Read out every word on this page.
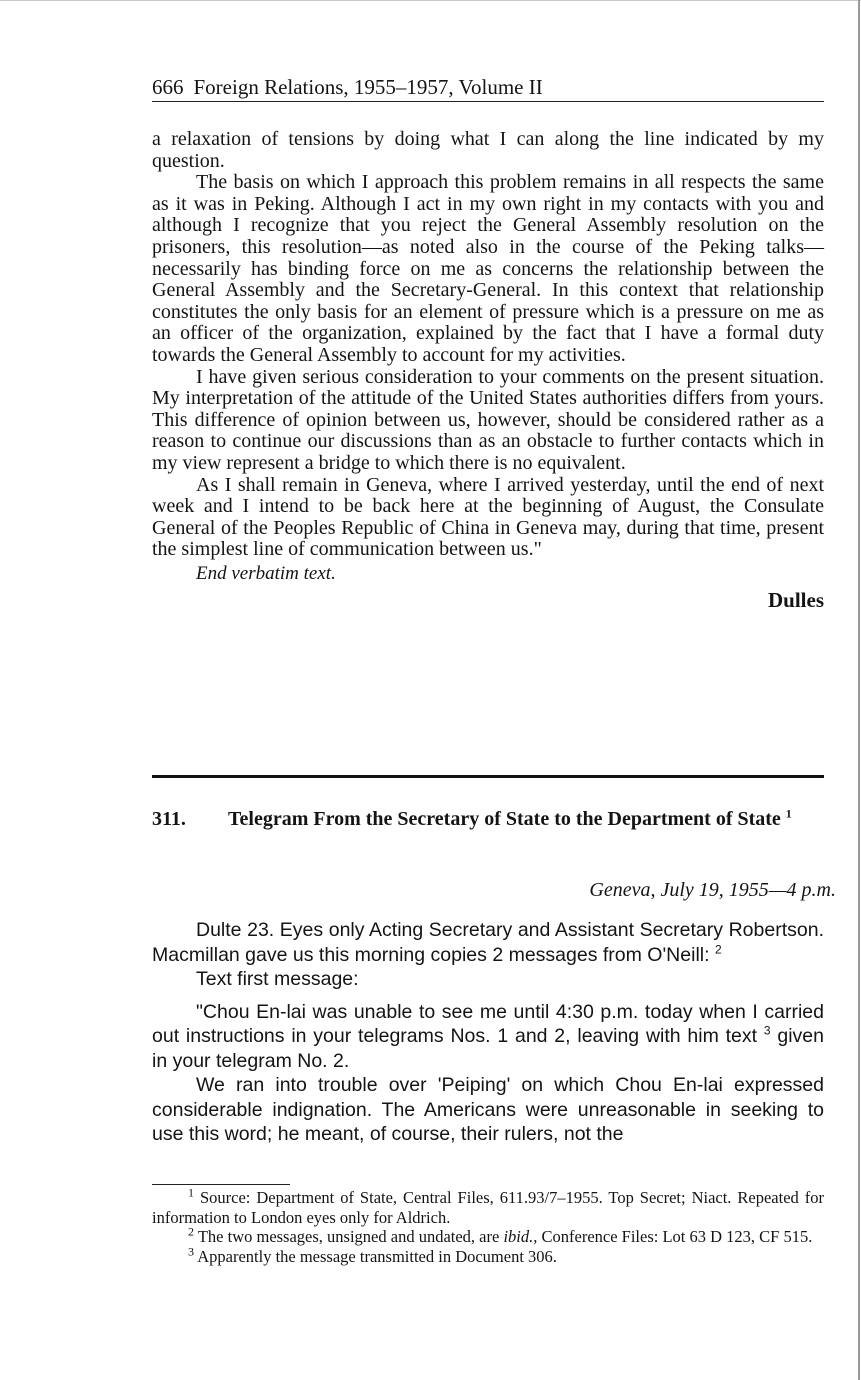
666 Foreign Relations, 1955–1957, Volume II

a relaxation of tensions by doing what I can along the line indicated by my question.

The basis on which I approach this problem remains in all respects the same as it was in Peking. Although I act in my own right in my contacts with you and although I recognize that you reject the General Assembly resolution on the prisoners, this resolution—as noted also in the course of the Peking talks—necessarily has binding force on me as concerns the relationship between the General Assembly and the Secretary-General. In this context that relationship constitutes the only basis for an element of pressure which is a pressure on me as an officer of the organization, explained by the fact that I have a formal duty towards the General Assembly to account for my activities.

I have given serious consideration to your comments on the present situation. My interpretation of the attitude of the United States authorities differs from yours. This difference of opinion between us, however, should be considered rather as a reason to continue our discussions than as an obstacle to further contacts which in my view represent a bridge to which there is no equivalent.

As I shall remain in Geneva, where I arrived yesterday, until the end of next week and I intend to be back here at the beginning of August, the Consulate General of the Peoples Republic of China in Geneva may, during that time, present the simplest line of communication between us."

End verbatim text.

Dulles

311. Telegram From the Secretary of State to the Department of State $^1$
Geneva, July 19, 1955—4 p.m.

Dulte 23. Eyes only Acting Secretary and Assistant Secretary Robertson. Macmillan gave us this morning copies 2 messages from O'Neill: $^2$

Text first message:

"Chou En-lai was unable to see me until 4:30 p.m. today when I carried out instructions in your telegrams Nos. 1 and 2, leaving with him text $^3$ given in your telegram No. 2.

We ran into trouble over 'Peiping' on which Chou En-lai expressed considerable indignation. The Americans were unreasonable in seeking to use this word; he meant, of course, their rulers, not the

$^1$ Source: Department of State, Central Files, 611.93/7–1955. Top Secret; Niact. Repeated for information to London eyes only for Aldrich.

$^2$ The two messages, unsigned and undated, are ibid., Conference Files: Lot 63 D 123, CF 515.

$^3$ Apparently the message transmitted in Document 306.
